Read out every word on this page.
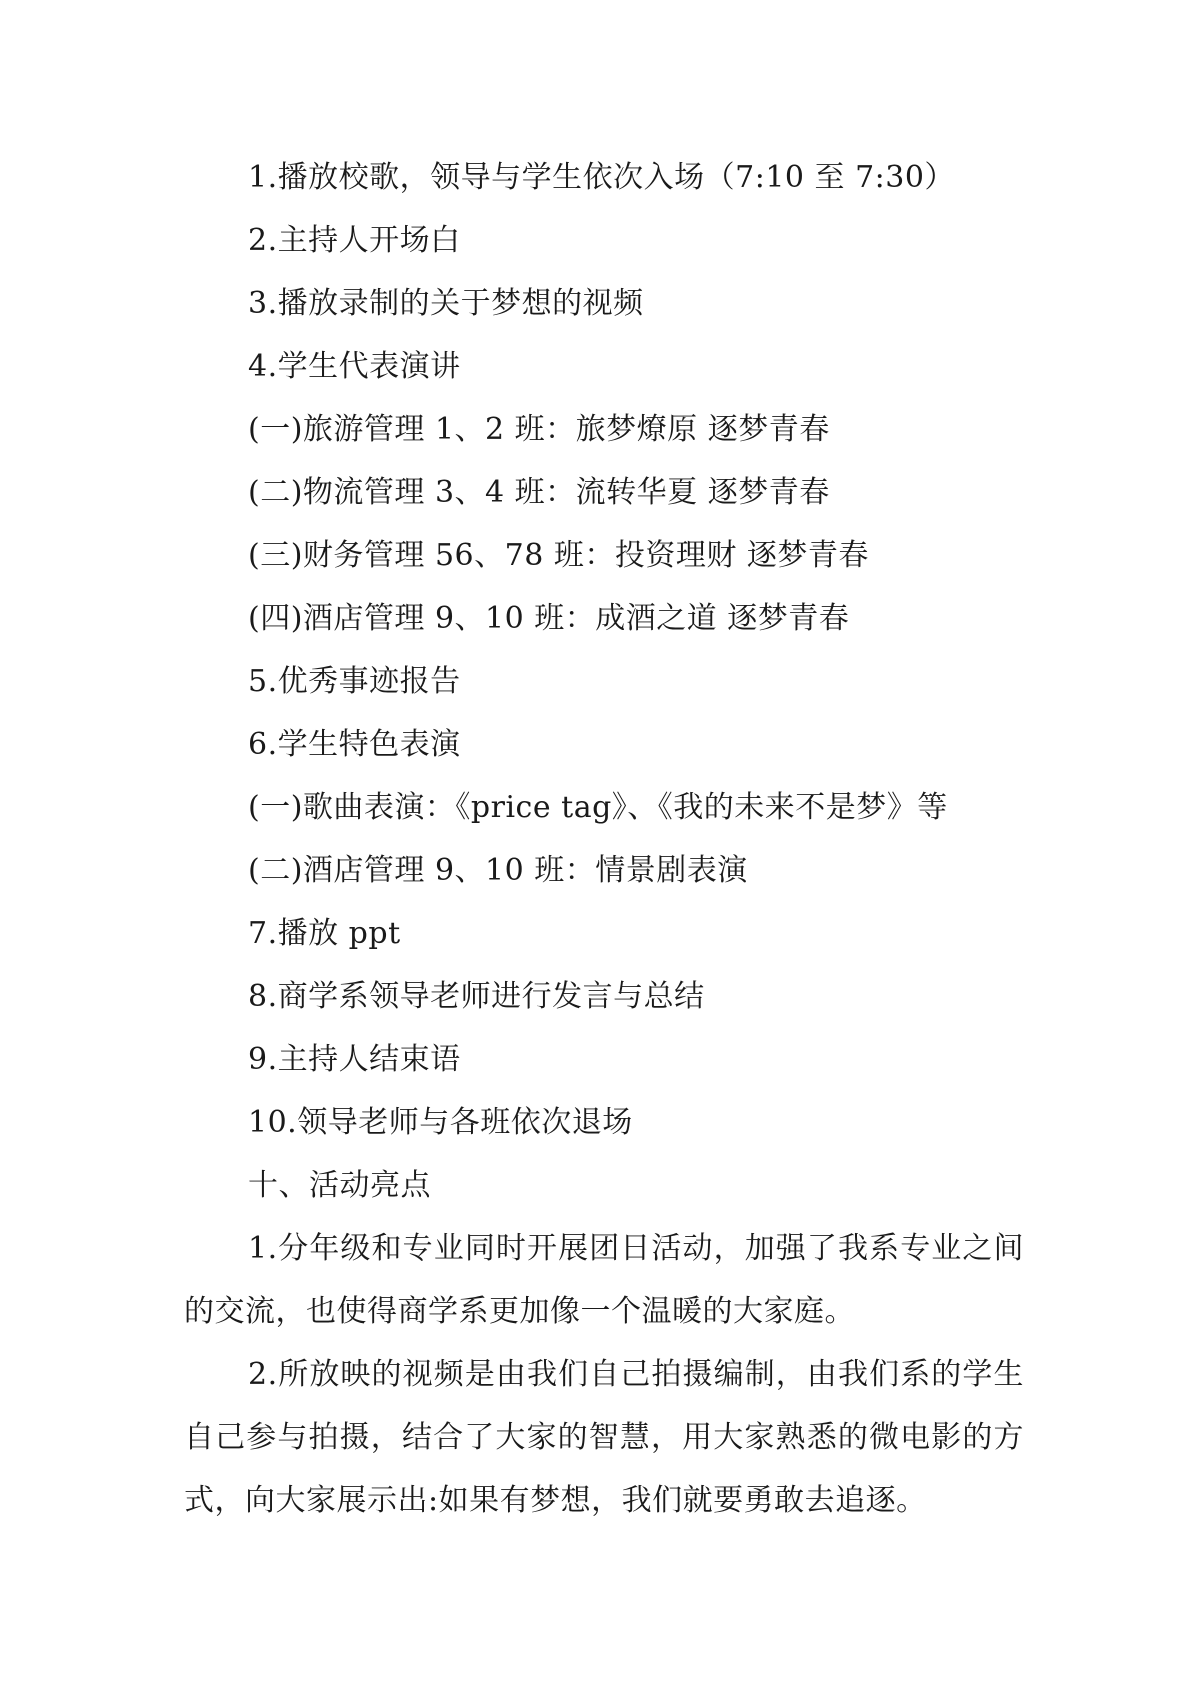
1.播放校歌，领导与学生依次入场（7:10 至 7:30）
2.主持人开场白
3.播放录制的关于梦想的视频
4.学生代表演讲
(一)旅游管理 1、2 班：旅梦燎原 逐梦青春
(二)物流管理 3、4 班：流转华夏 逐梦青春
(三)财务管理 56、78 班：投资理财 逐梦青春
(四)酒店管理 9、10 班：成酒之道 逐梦青春
5.优秀事迹报告
6.学生特色表演
(一)歌曲表演：《price tag》、《我的未来不是梦》等
(二)酒店管理 9、10 班：情景剧表演
7.播放 ppt
8.商学系领导老师进行发言与总结
9.主持人结束语
10.领导老师与各班依次退场
十、活动亮点
1.分年级和专业同时开展团日活动，加强了我系专业之间的交流，也使得商学系更加像一个温暖的大家庭。
2.所放映的视频是由我们自己拍摄编制，由我们系的学生自己参与拍摄，结合了大家的智慧，用大家熟悉的微电影的方式，向大家展示出:如果有梦想，我们就要勇敢去追逐。
